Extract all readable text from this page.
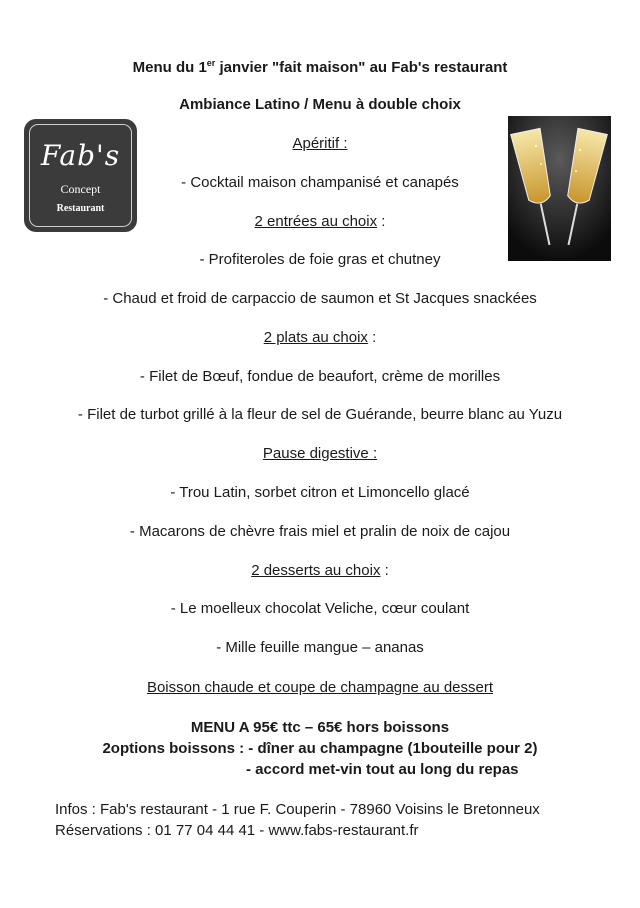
Menu du 1er janvier "fait maison" au Fab's restaurant
Ambiance Latino / Menu à double choix
Fab's
Concept
Restaurant
Apéritif :
- Cocktail maison champanisé et canapés
2 entrées au choix :
- Profiteroles de foie gras et chutney
- Chaud et froid de carpaccio de saumon et St Jacques snackées
2 plats au choix :
- Filet de Bœuf, fondue de beaufort, crème de morilles
- Filet de turbot grillé à la fleur de sel de Guérande, beurre blanc au Yuzu
Pause digestive :
- Trou Latin, sorbet citron et Limoncello glacé
- Macarons de chèvre frais miel et pralin de noix de cajou
2 desserts au choix :
- Le moelleux chocolat Veliche, cœur coulant
- Mille feuille mangue – ananas
Boisson chaude et coupe de champagne au dessert
MENU A 95€ ttc – 65€ hors boissons
2options boissons : - dîner au champagne (1bouteille pour 2)
- accord met-vin tout au long du repas
Infos : Fab's restaurant - 1 rue F. Couperin - 78960 Voisins le Bretonneux
Réservations : 01 77 04 44 41 - www.fabs-restaurant.fr
